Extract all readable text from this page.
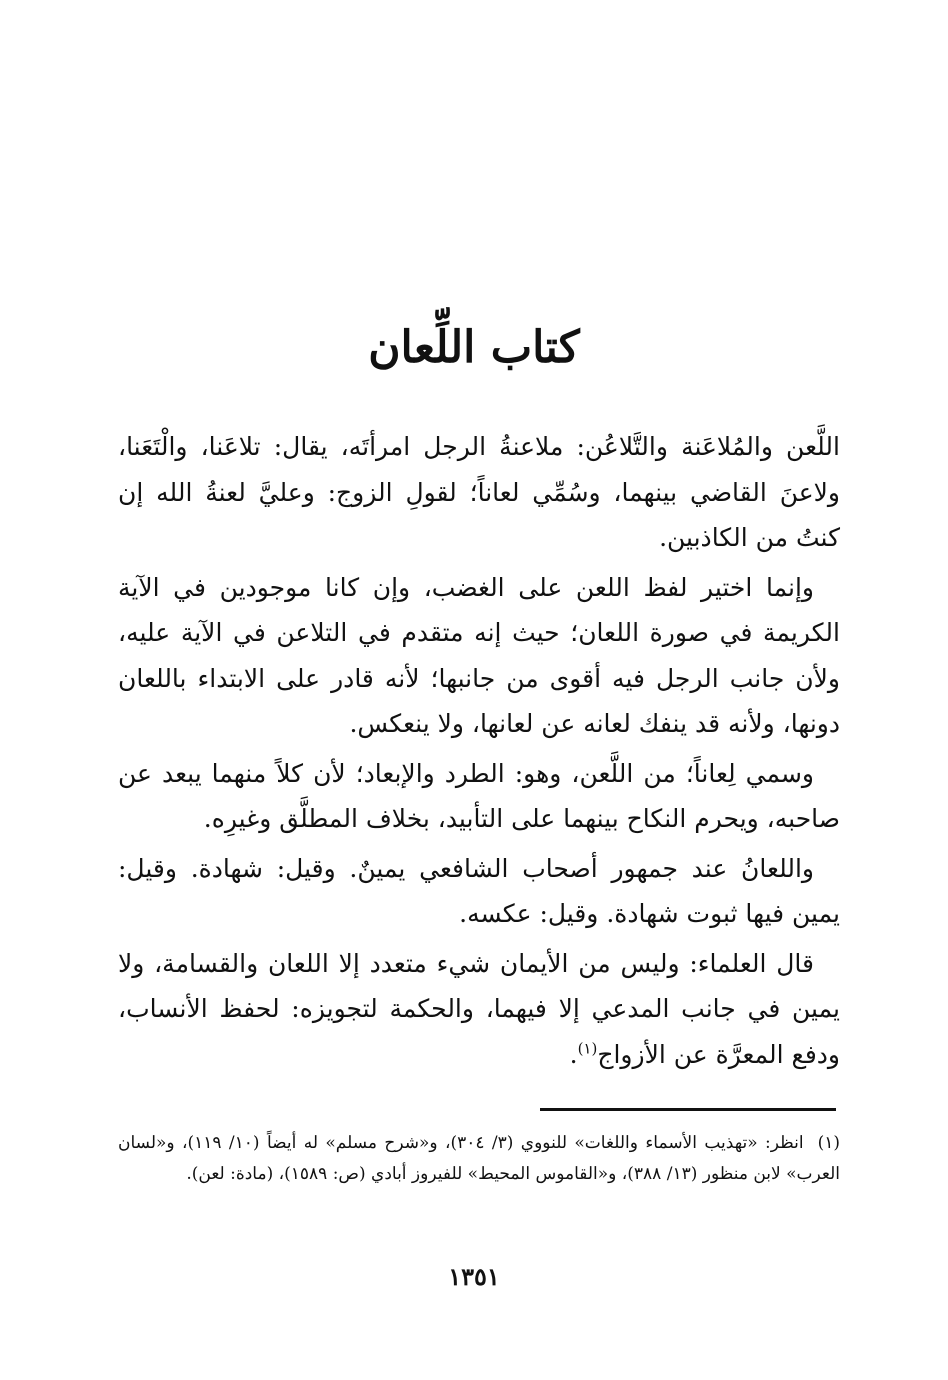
كتاب اللِّعان

اللَّعن والمُلاعَنة والتَّلاعُن: ملاعنةُ الرجل امرأتَه، يقال: تلاعَنا، والْتَعَنا، ولاعنَ القاضي بينهما، وسُمِّي لعاناً؛ لقولِ الزوج: وعليَّ لعنةُ الله إن كنتُ من الكاذبين.

وإنما اختير لفظ اللعن على الغضب، وإن كانا موجودين في الآية الكريمة في صورة اللعان؛ حيث إنه متقدم في التلاعن في الآية عليه، ولأن جانب الرجل فيه أقوى من جانبها؛ لأنه قادر على الابتداء باللعان دونها، ولأنه قد ينفك لعانه عن لعانها، ولا ينعكس.

وسمي لِعاناً؛ من اللَّعن، وهو: الطرد والإبعاد؛ لأن كلاً منهما يبعد عن صاحبه، ويحرم النكاح بينهما على التأبيد، بخلاف المطلَّق وغيرِه.

واللعانُ عند جمهور أصحاب الشافعي يمينٌ. وقيل: شهادة. وقيل: يمين فيها ثبوت شهادة. وقيل: عكسه.

قال العلماء: وليس من الأيمان شيء متعدد إلا اللعان والقسامة، ولا يمين في جانب المدعي إلا فيهما، والحكمة لتجويزه: لحفظ الأنساب، ودفع المعرَّة عن الأزواج$^{(١)}$.

(١)انظر: «تهذيب الأسماء واللغات» للنووي (٣/ ٣٠٤)، و«شرح مسلم» له أيضاً (١٠/ ١١٩)، و«لسان العرب» لابن منظور (١٣/ ٣٨٨)، و«القاموس المحيط» للفيروز أبادي (ص: ١٥٨٩)، (مادة: لعن).
١٣٥١
